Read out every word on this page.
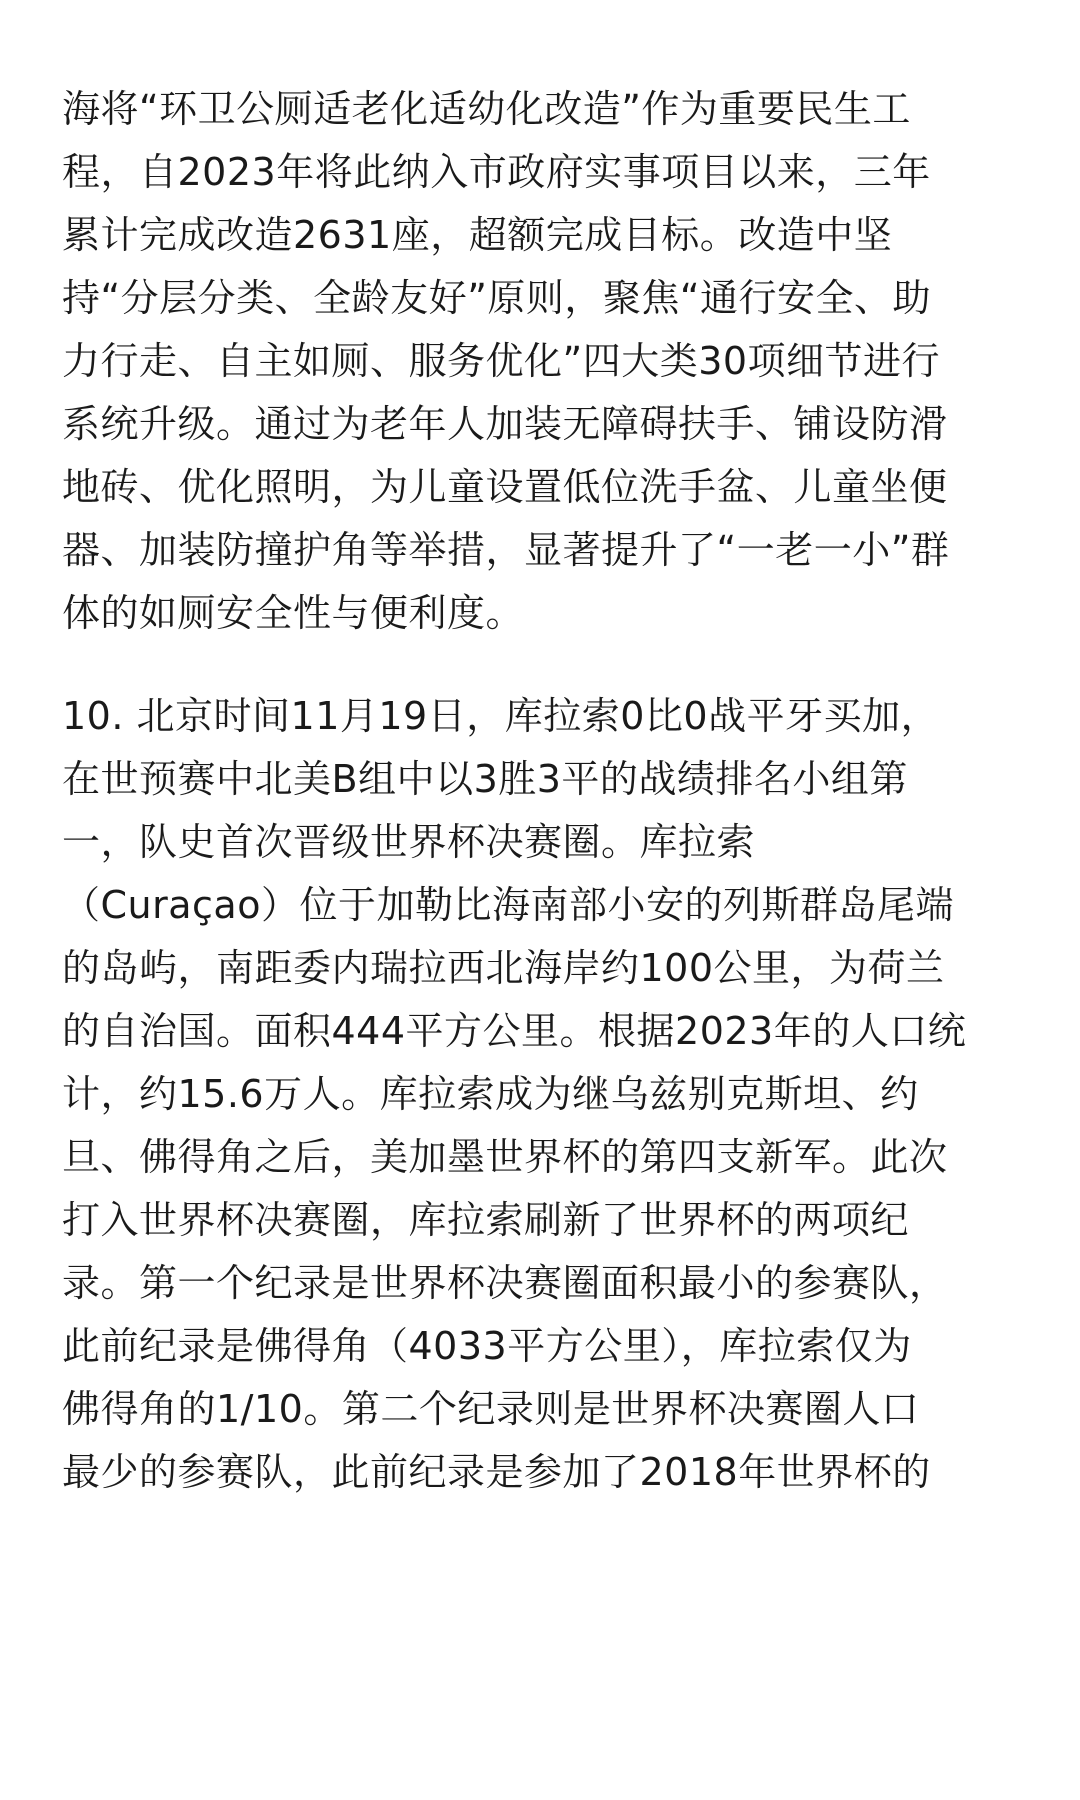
海将“环卫公厕适老化适幼化改造”作为重要民生工
程，自2023年将此纳入市政府实事项目以来，三年
累计完成改造2631座，超额完成目标。改造中坚
持“分层分类、全龄友好”原则，聚焦“通行安全、助
力行走、自主如厕、服务优化”四大类30项细节进行
系统升级。通过为老年人加装无障碍扶手、铺设防滑
地砖、优化照明，为儿童设置低位洗手盆、儿童坐便
器、加装防撞护角等举措，显著提升了“一老一小”群
体的如厕安全性与便利度。
10. 北京时间11月19日，库拉索0比0战平牙买加，
在世预赛中北美B组中以3胜3平的战绩排名小组第
一，队史首次晋级世界杯决赛圈。库拉索
（Curaçao）位于加勒比海南部小安的列斯群岛尾端
的岛屿，南距委内瑞拉西北海岸约100公里，为荷兰
的自治国。面积444平方公里。根据2023年的人口统
计，约15.6万人。库拉索成为继乌兹别克斯坦、约
旦、佛得角之后，美加墨世界杯的第四支新军。此次
打入世界杯决赛圈，库拉索刷新了世界杯的两项纪
录。第一个纪录是世界杯决赛圈面积最小的参赛队，
此前纪录是佛得角（4033平方公里），库拉索仅为
佛得角的1/10。第二个纪录则是世界杯决赛圈人口
最少的参赛队，此前纪录是参加了2018年世界杯的
